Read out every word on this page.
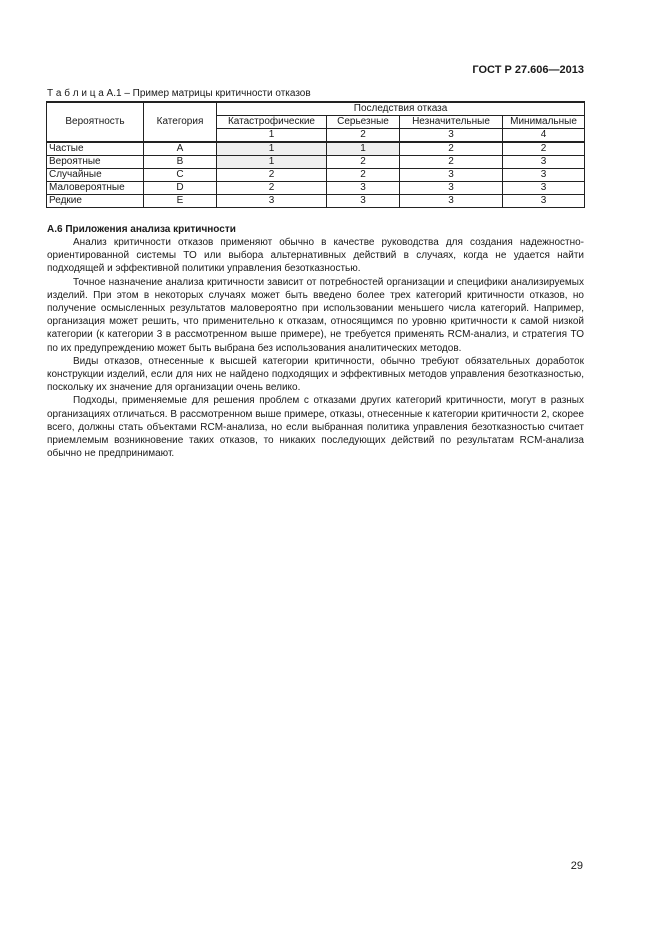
ГОСТ Р 27.606—2013
Т а б л и ц а А.1 – Пример матрицы критичности отказов
Вероятность	Категория	Последствия отказа			
		Катастрофические	Серьезные	Незначительные	Минимальные
		1	2	3	4
Частые	A	1	1	2	2
Вероятные	B	1	2	2	3
Случайные	C	2	2	3	3
Маловероятные	D	2	3	3	3
Редкие	E	3	3	3	3
А.6 Приложения анализа критичности

Анализ критичности отказов применяют обычно в качестве руководства для создания надежностно-ориентированной системы ТО или выбора альтернативных действий в случаях, когда не удается найти подходящей и эффективной политики управления безотказностью.

Точное назначение анализа критичности зависит от потребностей организации и специфики анализируемых изделий. При этом в некоторых случаях может быть введено более трех категорий критичности отказов, но получение осмысленных результатов маловероятно при использовании меньшего числа категорий. Например, организация может решить, что применительно к отказам, относящимся по уровню критичности к самой низкой категории (к категории 3 в рассмотренном выше примере), не требуется применять RCM-анализ, и стратегия ТО по их предупреждению может быть выбрана без использования аналитических методов.

Виды отказов, отнесенные к высшей категории критичности, обычно требуют обязательных доработок конструкции изделий, если для них не найдено подходящих и эффективных методов управления безотказностью, поскольку их значение для организации очень велико.

Подходы, применяемые для решения проблем с отказами других категорий критичности, могут в разных организациях отличаться. В рассмотренном выше примере, отказы, отнесенные к категории критичности 2, скорее всего, должны стать объектами RCM-анализа, но если выбранная политика управления безотказностью считает приемлемым возникновение таких отказов, то никаких последующих действий по результатам RCM-анализа обычно не предпринимают.

29
